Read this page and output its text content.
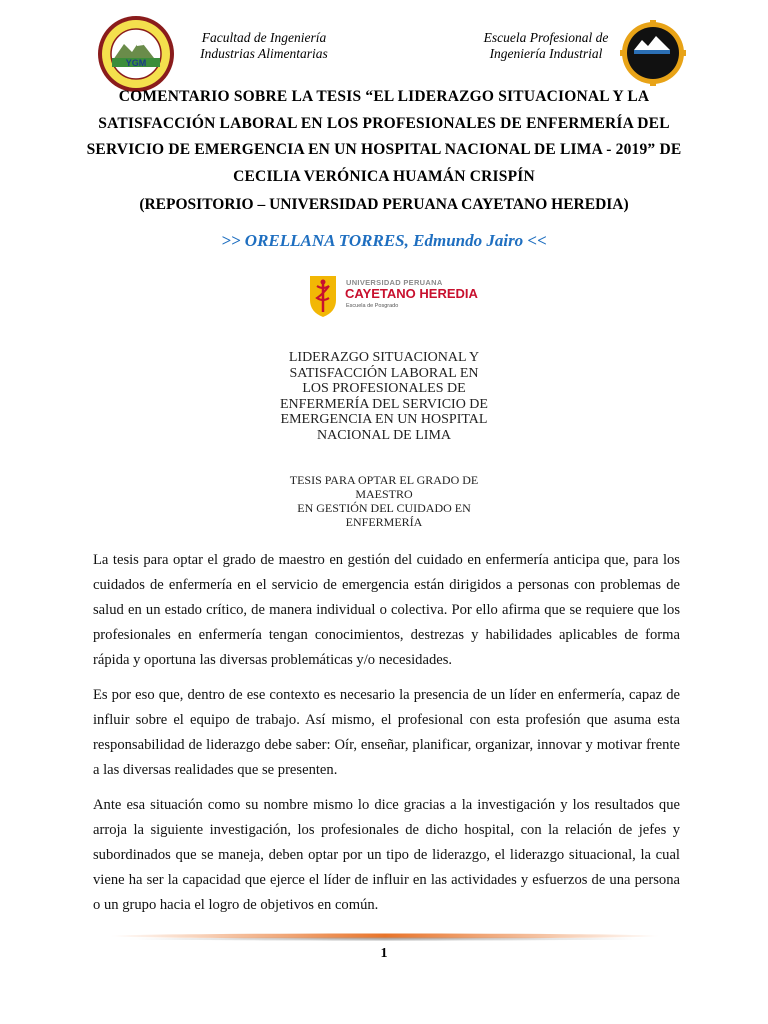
YGM
Facultad de Ingeniería
Industrias Alimentarias
Escuela Profesional de
Ingeniería Industrial
COMENTARIO SOBRE LA TESIS “EL LIDERAZGO SITUACIONAL Y LA SATISFACCIÓN LABORAL EN LOS PROFESIONALES DE ENFERMERÍA DEL SERVICIO DE EMERGENCIA EN UN HOSPITAL NACIONAL DE LIMA - 2019” DE CECILIA VERÓNICA HUAMÁN CRISPÍN
(REPOSITORIO – UNIVERSIDAD PERUANA CAYETANO HEREDIA)
>> ORELLANA TORRES, Edmundo Jairo <<
UNIVERSIDAD PERUANA
CAYETANO HEREDIA
Escuela de Posgrado
LIDERAZGO SITUACIONAL Y
SATISFACCIÓN LABORAL EN
LOS PROFESIONALES DE
ENFERMERÍA DEL SERVICIO DE
EMERGENCIA EN UN HOSPITAL
NACIONAL DE LIMA
TESIS PARA OPTAR EL GRADO DE
MAESTRO
EN GESTIÓN DEL CUIDADO EN
ENFERMERÍA

La tesis para optar el grado de maestro en gestión del cuidado en enfermería anticipa que, para los cuidados de enfermería en el servicio de emergencia están dirigidos a personas con problemas de salud en un estado crítico, de manera individual o colectiva. Por ello afirma que se requiere que los profesionales en enfermería tengan conocimientos, destrezas y habilidades aplicables de forma rápida y oportuna las diversas problemáticas y/o necesidades.

Es por eso que, dentro de ese contexto es necesario la presencia de un líder en enfermería, capaz de influir sobre el equipo de trabajo. Así mismo, el profesional con esta profesión que asuma esta responsabilidad de liderazgo debe saber: Oír, enseñar, planificar, organizar, innovar y motivar frente a las diversas realidades que se presenten.

Ante esa situación como su nombre mismo lo dice gracias a la investigación y los resultados que arroja la siguiente investigación, los profesionales de dicho hospital, con la relación de jefes y subordinados que se maneja, deben optar por un tipo de liderazgo, el liderazgo situacional, la cual viene ha ser la capacidad que ejerce el líder de influir en las actividades y esfuerzos de una persona o un grupo hacia el logro de objetivos en común.

1
